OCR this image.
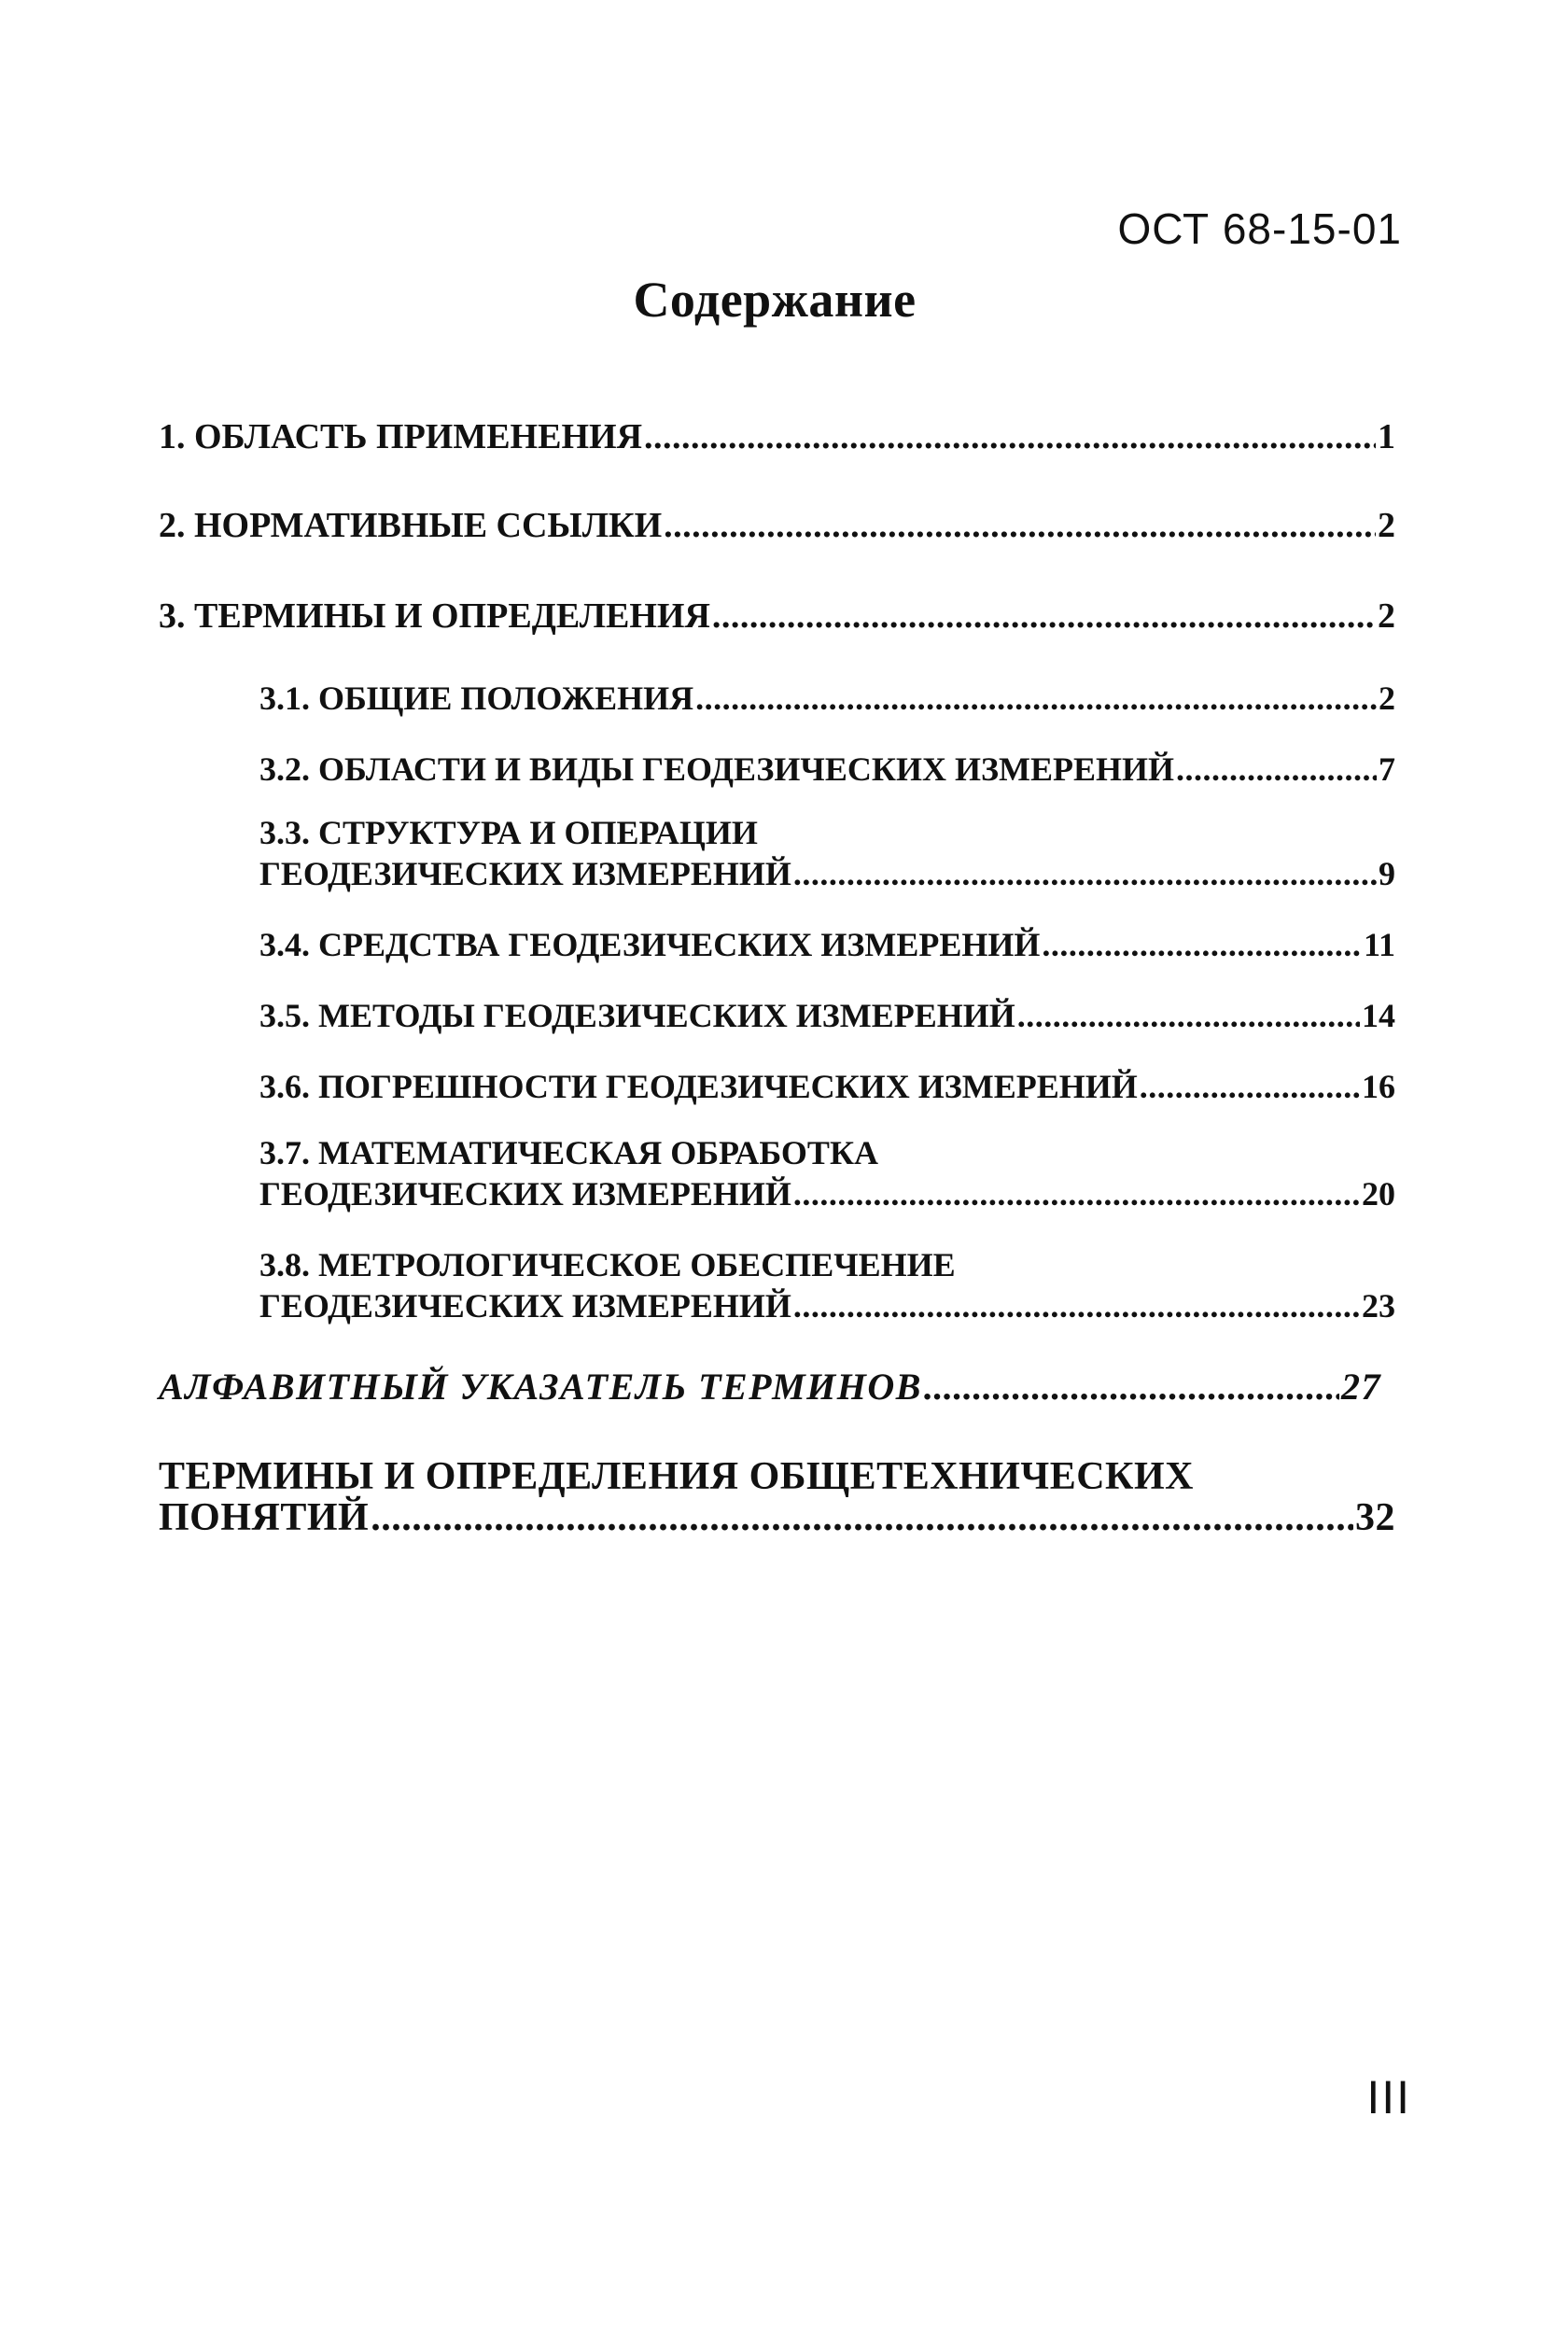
ОСТ 68-15-01
Содержание
1. ОБЛАСТЬ ПРИМЕНЕНИЯ .....	1
2. НОРМАТИВНЫЕ ССЫЛКИ .....	2
3. ТЕРМИНЫ И ОПРЕДЕЛЕНИЯ .....	2
3.1. ОБЩИЕ ПОЛОЖЕНИЯ .....	2
3.2. ОБЛАСТИ И ВИДЫ ГЕОДЕЗИЧЕСКИХ ИЗМЕРЕНИЙ .....	7
3.3. СТРУКТУРА И ОПЕРАЦИИ
ГЕОДЕЗИЧЕСКИХ ИЗМЕРЕНИЙ .....	9
3.4. СРЕДСТВА ГЕОДЕЗИЧЕСКИХ ИЗМЕРЕНИЙ .....	11
3.5. МЕТОДЫ ГЕОДЕЗИЧЕСКИХ ИЗМЕРЕНИЙ .....	14
3.6. ПОГРЕШНОСТИ ГЕОДЕЗИЧЕСКИХ ИЗМЕРЕНИЙ .....	16
3.7. МАТЕМАТИЧЕСКАЯ ОБРАБОТКА
ГЕОДЕЗИЧЕСКИХ ИЗМЕРЕНИЙ .....	20
3.8. МЕТРОЛОГИЧЕСКОЕ ОБЕСПЕЧЕНИЕ
ГЕОДЕЗИЧЕСКИХ ИЗМЕРЕНИЙ .....	23
АЛФАВИТНЫЙ УКАЗАТЕЛЬ ТЕРМИНОВ .....	27
ТЕРМИНЫ И ОПРЕДЕЛЕНИЯ ОБЩЕТЕХНИЧЕСКИХ
ПОНЯТИЙ .....	32
III
